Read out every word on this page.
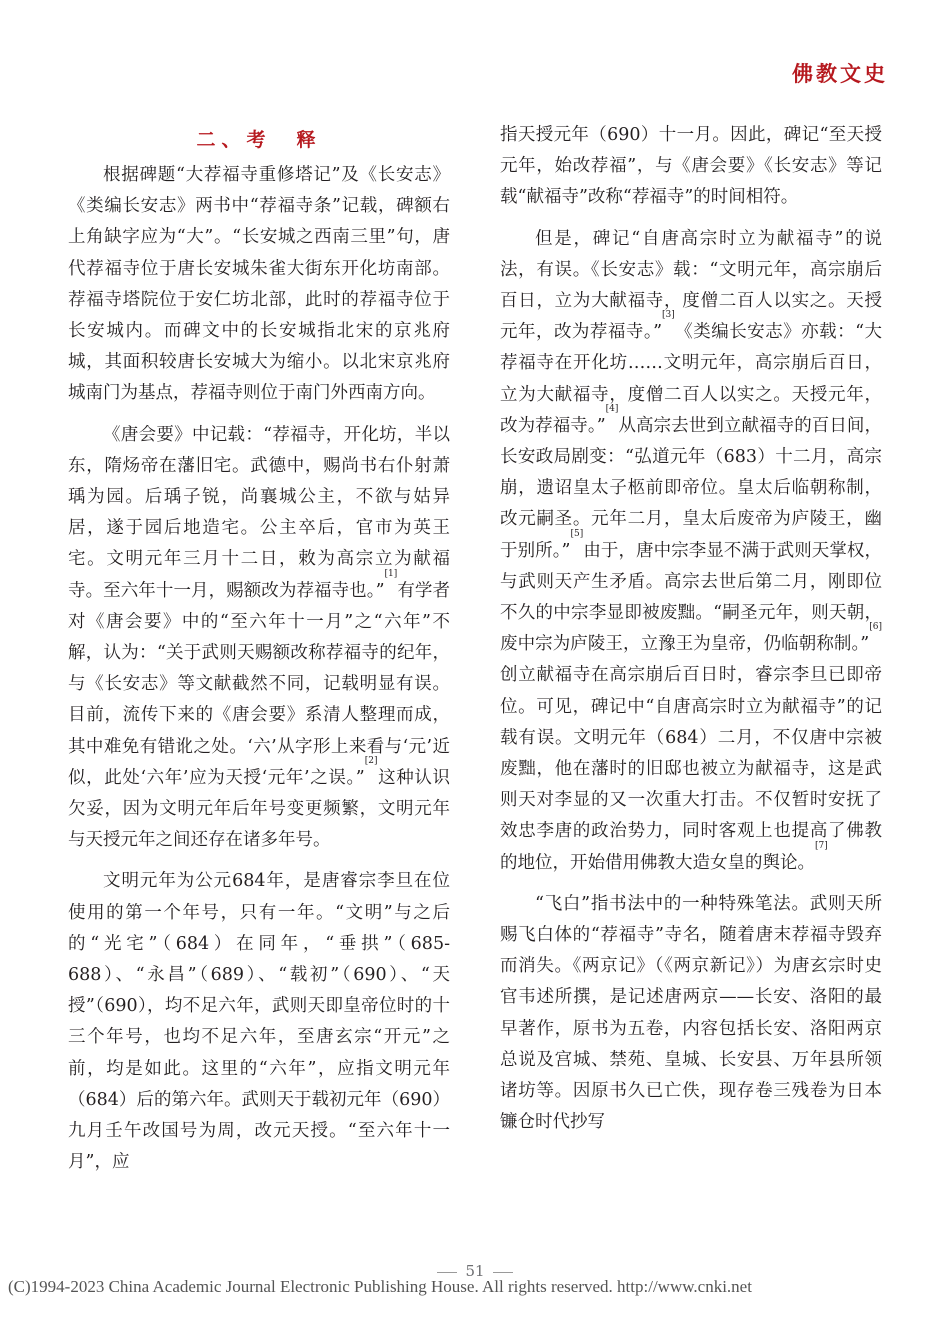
佛教文史
二、考　释

根据碑题“大荐福寺重修塔记”及《长安志》《类编长安志》两书中“荐福寺条”记载，碑额右上角缺字应为“大”。“长安城之西南三里”句，唐代荐福寺位于唐长安城朱雀大街东开化坊南部。荐福寺塔院位于安仁坊北部，此时的荐福寺位于长安城内。而碑文中的长安城指北宋的京兆府城，其面积较唐长安城大为缩小。以北宋京兆府城南门为基点，荐福寺则位于南门外西南方向。

《唐会要》中记载：“荐福寺，开化坊，半以东，隋炀帝在藩旧宅。武德中，赐尚书右仆射萧瑀为园。后瑀子锐，尚襄城公主，不欲与姑异居，遂于园后地造宅。公主卒后，官市为英王宅。文明元年三月十二日，敕为高宗立为献福寺。至六年十一月，赐额改为荐福寺也。”[1]有学者对《唐会要》中的“至六年十一月”之“六年”不解，认为：“关于武则天赐额改称荐福寺的纪年，与《长安志》等文献截然不同，记载明显有误。目前，流传下来的《唐会要》系清人整理而成，其中难免有错讹之处。‘六’从字形上来看与‘元’近似，此处‘六年’应为天授‘元年’之误。”[2]这种认识欠妥，因为文明元年后年号变更频繁，文明元年与天授元年之间还存在诸多年号。

文明元年为公元684年，是唐睿宗李旦在位使用的第一个年号，只有一年。“文明”与之后的“光宅”（684）在同年，“垂拱”（685-688）、“永昌”（689）、“载初”（690）、“天授”（690），均不足六年，武则天即皇帝位时的十三个年号，也均不足六年，至唐玄宗“开元”之前，均是如此。这里的“六年”，应指文明元年（684）后的第六年。武则天于载初元年（690）九月壬午改国号为周，改元天授。“至六年十一月”，应

指天授元年（690）十一月。因此，碑记“至天授元年，始改荐福”，与《唐会要》《长安志》等记载“献福寺”改称“荐福寺”的时间相符。

但是，碑记“自唐高宗时立为献福寺”的说法，有误。《长安志》载：“文明元年，高宗崩后百日，立为大献福寺，度僧二百人以实之。天授元年，改为荐福寺。”[3]《类编长安志》亦载：“大荐福寺在开化坊……文明元年，高宗崩后百日，立为大献福寺，度僧二百人以实之。天授元年，改为荐福寺。”[4]从高宗去世到立献福寺的百日间，长安政局剧变：“弘道元年（683）十二月，高宗崩，遗诏皇太子柩前即帝位。皇太后临朝称制，改元嗣圣。元年二月，皇太后废帝为庐陵王，幽于别所。”[5]由于，唐中宗李显不满于武则天掌权，与武则天产生矛盾。高宗去世后第二月，刚即位不久的中宗李显即被废黜。“嗣圣元年，则天朝，废中宗为庐陵王，立豫王为皇帝，仍临朝称制。”[6]创立献福寺在高宗崩后百日时，睿宗李旦已即帝位。可见，碑记中“自唐高宗时立为献福寺”的记载有误。文明元年（684）二月，不仅唐中宗被废黜，他在藩时的旧邸也被立为献福寺，这是武则天对李显的又一次重大打击。不仅暂时安抚了效忠李唐的政治势力，同时客观上也提高了佛教的地位，开始借用佛教大造女皇的舆论。[7]

“飞白”指书法中的一种特殊笔法。武则天所赐飞白体的“荐福寺”寺名，随着唐末荐福寺毁弃而消失。《两京记》（《两京新记》）为唐玄宗时史官韦述所撰，是记述唐两京——长安、洛阳的最早著作，原书为五卷，内容包括长安、洛阳两京总说及宫城、禁苑、皇城、长安县、万年县所领诸坊等。因原书久已亡佚，现存卷三残卷为日本镰仓时代抄写

51
(C)1994-2023 China Academic Journal Electronic Publishing House. All rights reserved. http://www.cnki.net
